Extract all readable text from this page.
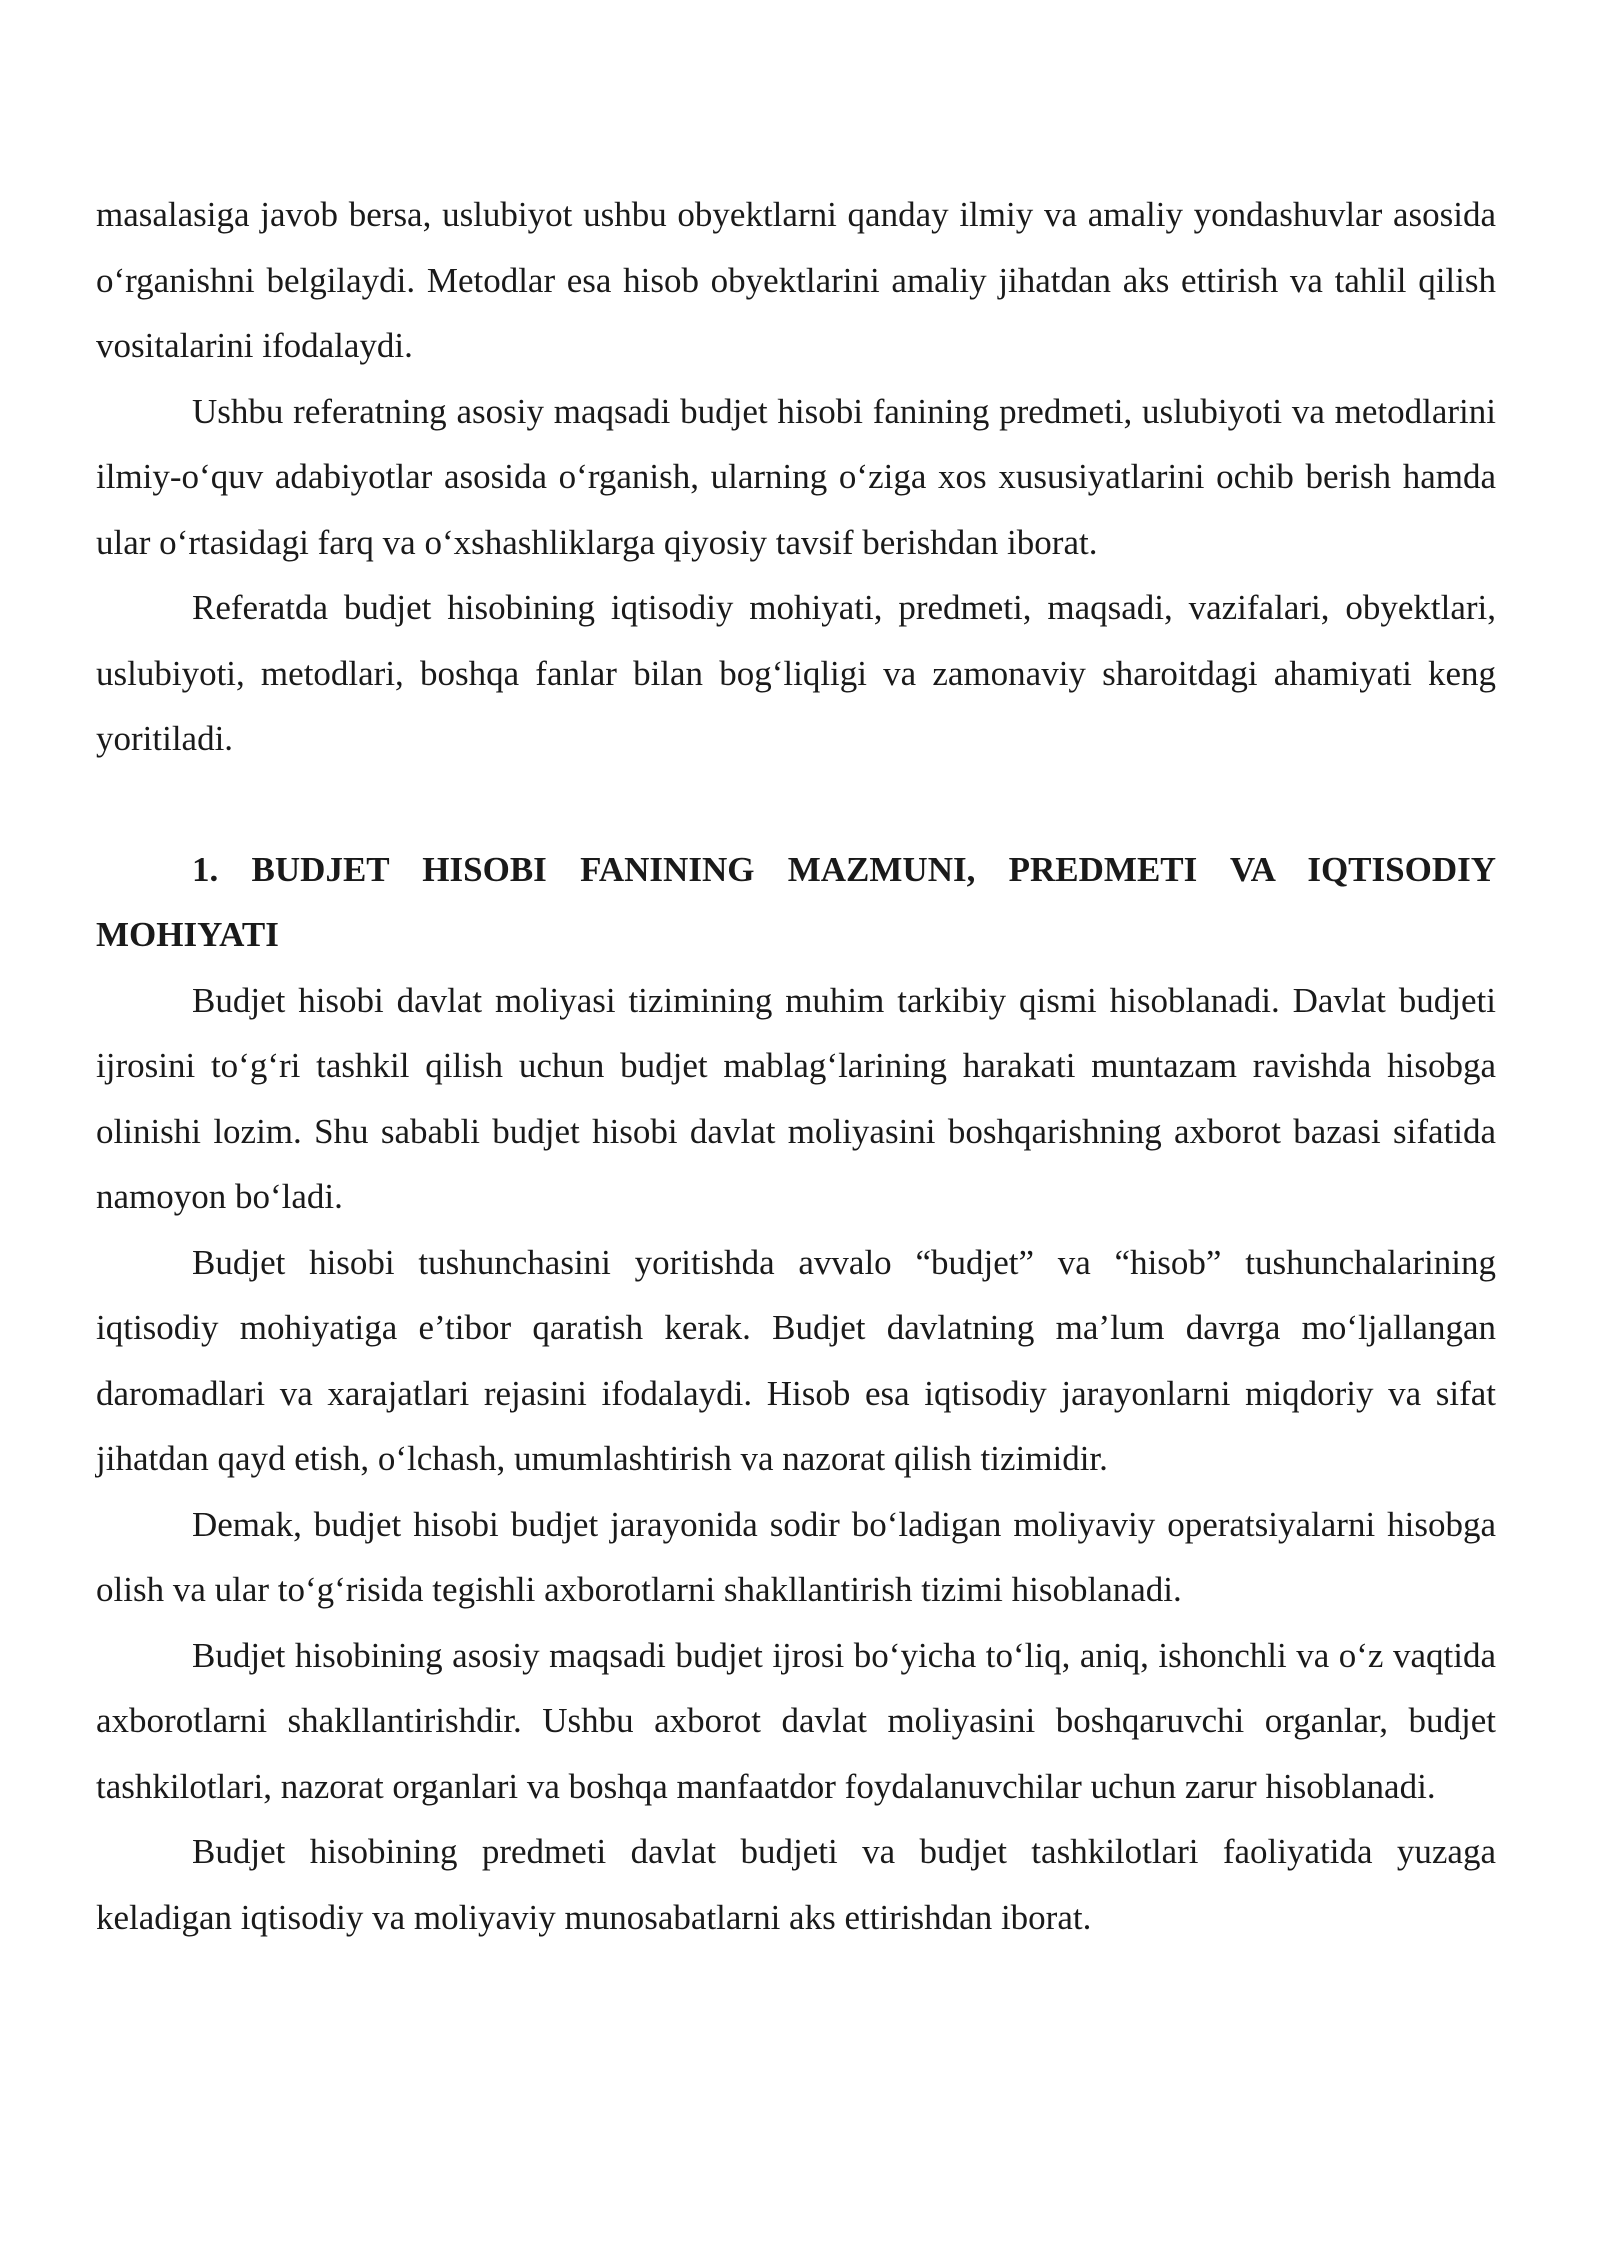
masalasiga javob bersa, uslubiyot ushbu obyektlarni qanday ilmiy va amaliy yondashuvlar asosida o‘rganishni belgilaydi. Metodlar esa hisob obyektlarini amaliy jihatdan aks ettirish va tahlil qilish vositalarini ifodalaydi.

Ushbu referatning asosiy maqsadi budjet hisobi fanining predmeti, uslubiyoti va metodlarini ilmiy-o‘quv adabiyotlar asosida o‘rganish, ularning o‘ziga xos xususiyatlarini ochib berish hamda ular o‘rtasidagi farq va o‘xshashliklarga qiyosiy tavsif berishdan iborat.

Referatda budjet hisobining iqtisodiy mohiyati, predmeti, maqsadi, vazifalari, obyektlari, uslubiyoti, metodlari, boshqa fanlar bilan bog‘liqligi va zamonaviy sharoitdagi ahamiyati keng yoritiladi.

1. BUDJET HISOBI FANINING MAZMUNI, PREDMETI VA IQTISODIY MOHIYATI

Budjet hisobi davlat moliyasi tizimining muhim tarkibiy qismi hisoblanadi. Davlat budjeti ijrosini to‘g‘ri tashkil qilish uchun budjet mablag‘larining harakati muntazam ravishda hisobga olinishi lozim. Shu sababli budjet hisobi davlat moliyasini boshqarishning axborot bazasi sifatida namoyon bo‘ladi.

Budjet hisobi tushunchasini yoritishda avvalo “budjet” va “hisob” tushunchalarining iqtisodiy mohiyatiga e’tibor qaratish kerak. Budjet davlatning ma’lum davrga mo‘ljallangan daromadlari va xarajatlari rejasini ifodalaydi. Hisob esa iqtisodiy jarayonlarni miqdoriy va sifat jihatdan qayd etish, o‘lchash, umumlashtirish va nazorat qilish tizimidir.

Demak, budjet hisobi budjet jarayonida sodir bo‘ladigan moliyaviy operatsiyalarni hisobga olish va ular to‘g‘risida tegishli axborotlarni shakllantirish tizimi hisoblanadi.

Budjet hisobining asosiy maqsadi budjet ijrosi bo‘yicha to‘liq, aniq, ishonchli va o‘z vaqtida axborotlarni shakllantirishdir. Ushbu axborot davlat moliyasini boshqaruvchi organlar, budjet tashkilotlari, nazorat organlari va boshqa manfaatdor foydalanuvchilar uchun zarur hisoblanadi.

Budjet hisobining predmeti davlat budjeti va budjet tashkilotlari faoliyatida yuzaga keladigan iqtisodiy va moliyaviy munosabatlarni aks ettirishdan iborat.
